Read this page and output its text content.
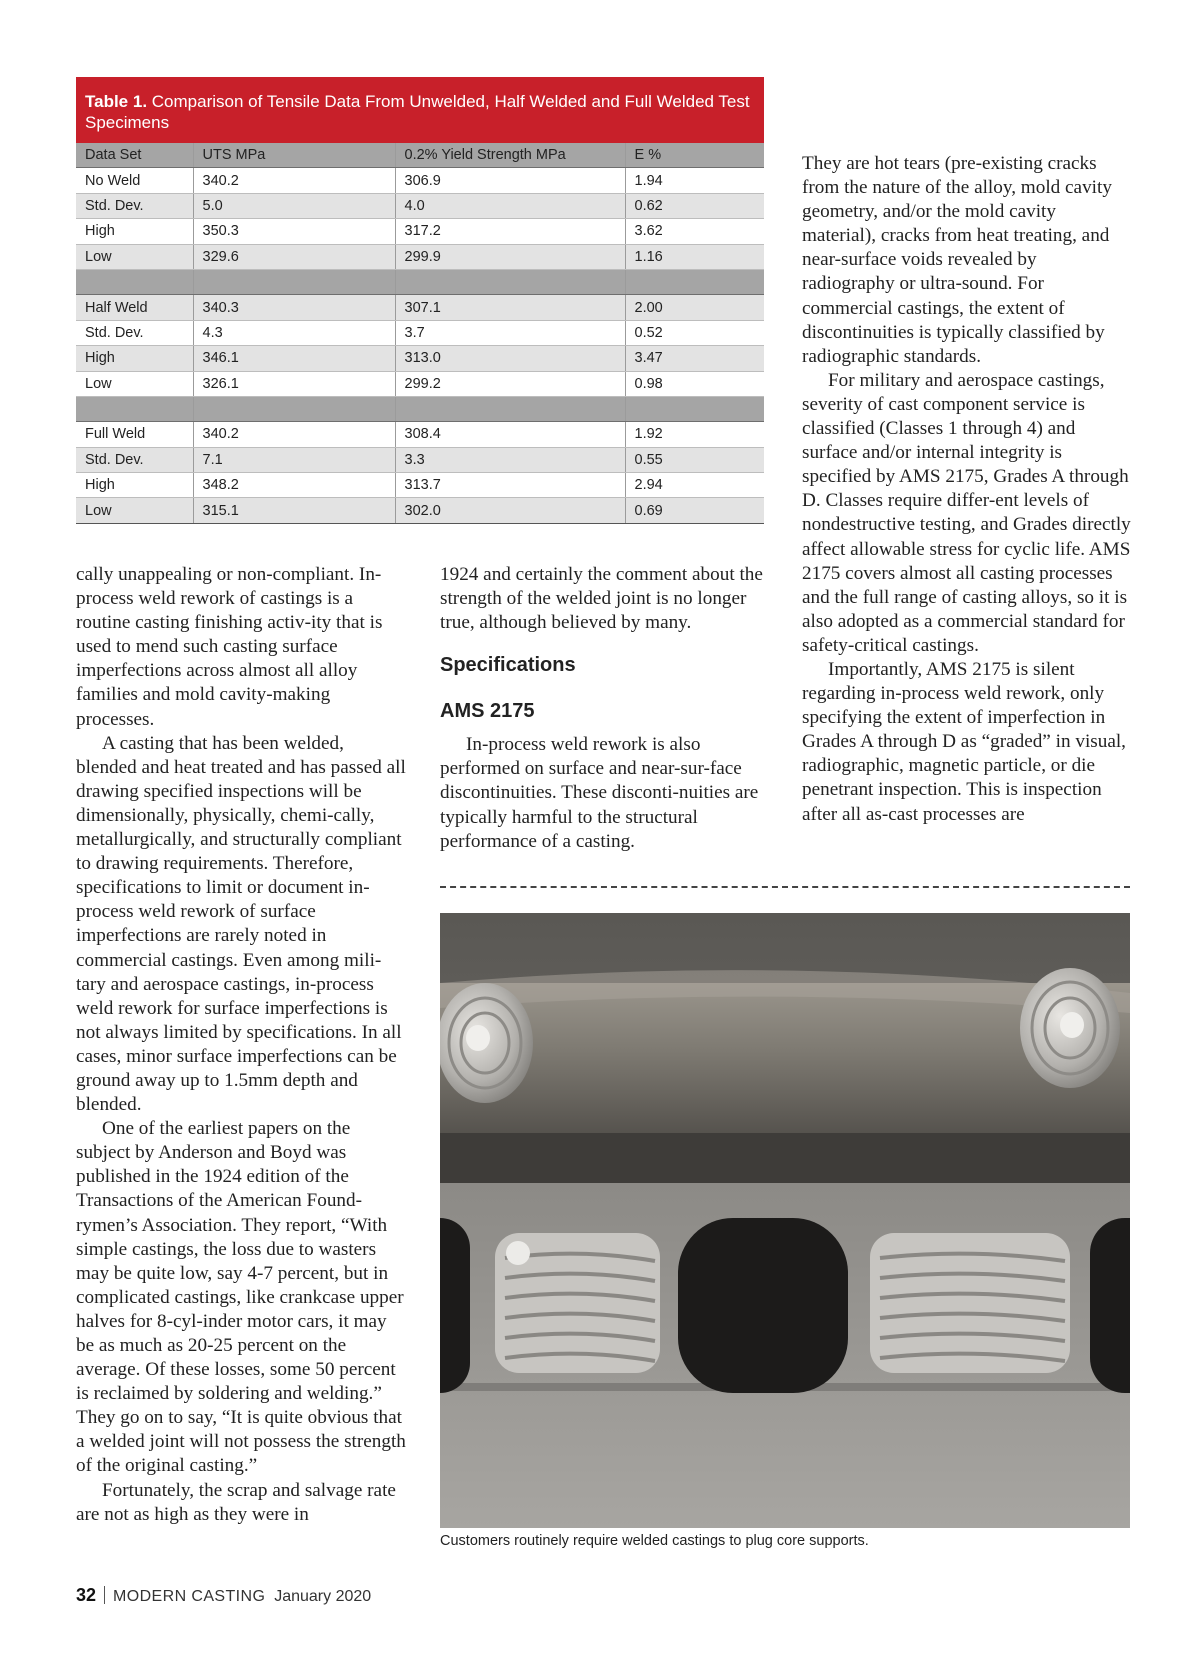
Table 1. Comparison of Tensile Data From Unwelded, Half Welded and Full Welded Test Specimens
Data Set	UTS MPa	0.2% Yield Strength MPa	E %
No Weld	340.2	306.9	1.94
Std. Dev.	5.0	4.0	0.62
High	350.3	317.2	3.62
Low	329.6	299.9	1.16

Half Weld	340.3	307.1	2.00
Std. Dev.	4.3	3.7	0.52
High	346.1	313.0	3.47
Low	326.1	299.2	0.98

Full Weld	340.2	308.4	1.92
Std. Dev.	7.1	3.3	0.55
High	348.2	313.7	2.94
Low	315.1	302.0	0.69

cally unappealing or non-compliant. In-process weld rework of castings is a routine casting finishing activ-ity that is used to mend such casting surface imperfections across almost all alloy families and mold cavity-making processes.

A casting that has been welded, blended and heat treated and has passed all drawing specified inspections will be dimensionally, physically, chemi-cally, metallurgically, and structurally compliant to drawing requirements. Therefore, specifications to limit or document in-process weld rework of surface imperfections are rarely noted in commercial castings. Even among mili-tary and aerospace castings, in-process weld rework for surface imperfections is not always limited by specifications. In all cases, minor surface imperfections can be ground away up to 1.5mm depth and blended.

One of the earliest papers on the subject by Anderson and Boyd was published in the 1924 edition of the Transactions of the American Found-rymen’s Association. They report, “With simple castings, the loss due to wasters may be quite low, say 4-7 percent, but in complicated castings, like crankcase upper halves for 8-cyl-inder motor cars, it may be as much as 20-25 percent on the average. Of these losses, some 50 percent is reclaimed by soldering and welding.” They go on to say, “It is quite obvious that a welded joint will not possess the strength of the original casting.”

Fortunately, the scrap and salvage rate are not as high as they were in

1924 and certainly the comment about the strength of the welded joint is no longer true, although believed by many.

Specifications
AMS 2175

In-process weld rework is also performed on surface and near-sur-face discontinuities. These disconti-nuities are typically harmful to the structural performance of a casting.

They are hot tears (pre-existing cracks from the nature of the alloy, mold cavity geometry, and/or the mold cavity material), cracks from heat treating, and near-surface voids revealed by radiography or ultra-sound. For commercial castings, the extent of discontinuities is typically classified by radiographic standards.

For military and aerospace castings, severity of cast component service is classified (Classes 1 through 4) and surface and/or internal integrity is specified by AMS 2175, Grades A through D. Classes require differ-ent levels of nondestructive testing, and Grades directly affect allowable stress for cyclic life. AMS 2175 covers almost all casting processes and the full range of casting alloys, so it is also adopted as a commercial standard for safety-critical castings.

Importantly, AMS 2175 is silent regarding in-process weld rework, only specifying the extent of imperfection in Grades A through D as “graded” in visual, radiographic, magnetic particle, or die penetrant inspection. This is inspection after all as-cast processes are

Customers routinely require welded castings to plug core supports.
32 MODERN CASTING January 2020
